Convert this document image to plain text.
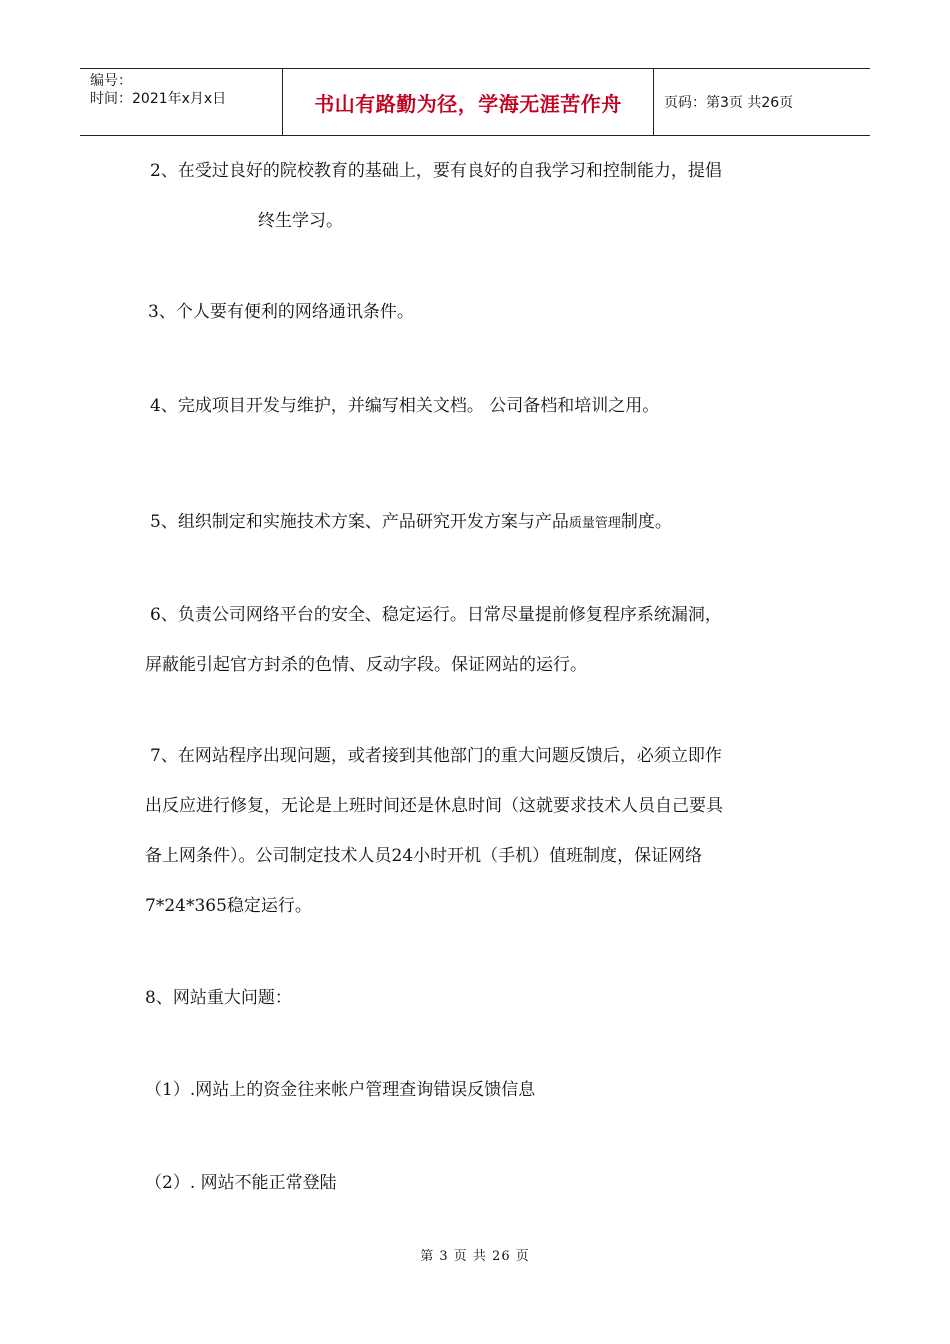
编号：
时间：2021年x月x日	书山有路勤为径，学海无涯苦作舟	页码：第3页 共26页
2、在受过良好的院校教育的基础上，要有良好的自我学习和控制能力，提倡
终生学习。
3、个人要有便利的网络通讯条件。
4、完成项目开发与维护，并编写相关文档。 公司备档和培训之用。
5、组织制定和实施技术方案、产品研究开发方案与产品质量管理制度。
6、负责公司网络平台的安全、稳定运行。日常尽量提前修复程序系统漏洞，
屏蔽能引起官方封杀的色情、反动字段。保证网站的运行。
7、在网站程序出现问题，或者接到其他部门的重大问题反馈后，必须立即作
出反应进行修复，无论是上班时间还是休息时间（这就要求技术人员自己要具
备上网条件）。公司制定技术人员24小时开机（手机）值班制度，保证网络
7*24*365稳定运行。
8、网站重大问题：
（1）.网站上的资金往来帐户管理查询错误反馈信息
（2）. 网站不能正常登陆
第 3 页 共 26 页
